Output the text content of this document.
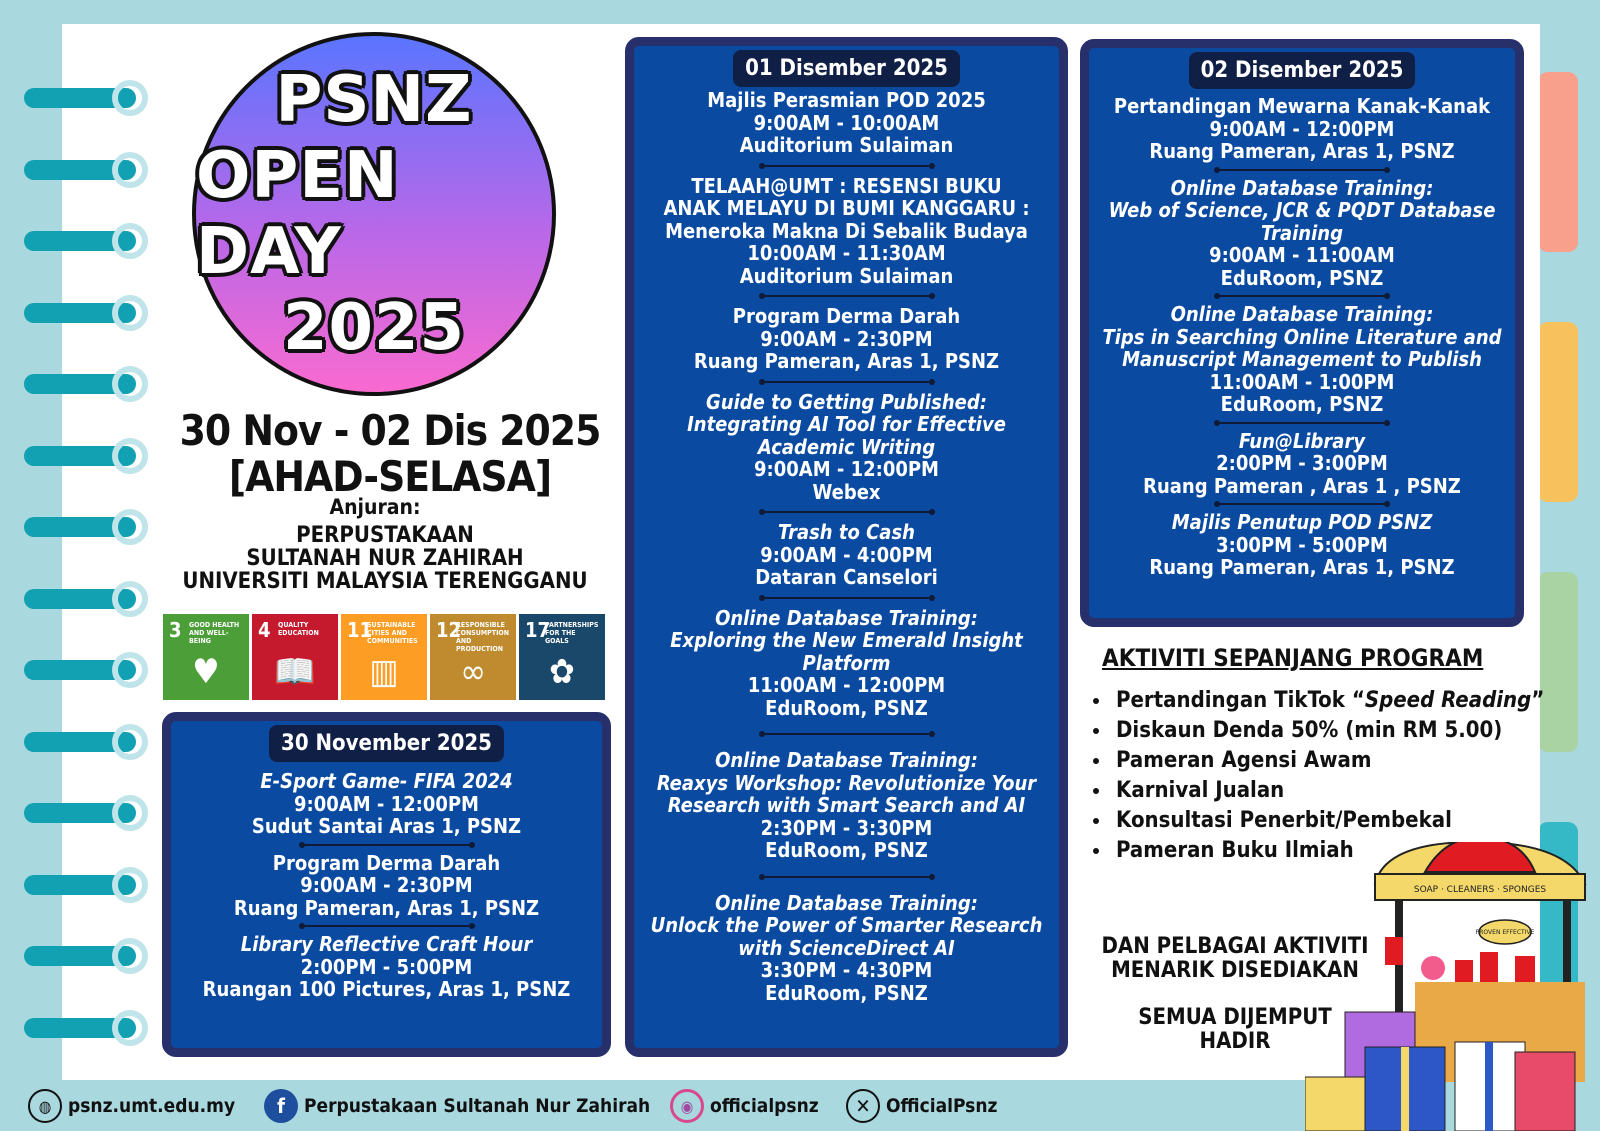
PSNZ
OPEN DAY
2025
30 Nov - 02 Dis 2025
[AHAD-SELASA]
Anjuran:
PERPUSTAKAAN
SULTANAH NUR ZAHIRAH
UNIVERSITI MALAYSIA TERENGGANU
3 GOOD HEALTH AND WELL-BEING
♥
4 QUALITY EDUCATION
📖
11
SUSTAINABLE CITIES AND COMMUNITIES
▥
12
RESPONSIBLE CONSUMPTION AND PRODUCTION
∞
17
PARTNERSHIPS FOR THE GOALS
✿
30 November 2025
E-Sport Game- FIFA 2024
9:00AM - 12:00PM
Sudut Santai Aras 1, PSNZ
Program Derma Darah
9:00AM - 2:30PM
Ruang Pameran, Aras 1, PSNZ
Library Reflective Craft Hour
2:00PM - 5:00PM
Ruangan 100 Pictures, Aras 1, PSNZ
01 Disember 2025
Majlis Perasmian POD 2025
9:00AM - 10:00AM
Auditorium Sulaiman
TELAAH@UMT : RESENSI BUKU
ANAK MELAYU DI BUMI KANGGARU :
Meneroka Makna Di Sebalik Budaya
10:00AM - 11:30AM
Auditorium Sulaiman
Program Derma Darah
9:00AM - 2:30PM
Ruang Pameran, Aras 1, PSNZ
Guide to Getting Published:
Integrating AI Tool for Effective
Academic Writing
9:00AM - 12:00PM
Webex
Trash to Cash
9:00AM - 4:00PM
Dataran Canselori
Online Database Training:
Exploring the New Emerald Insight
Platform
11:00AM - 12:00PM
EduRoom, PSNZ
Online Database Training:
Reaxys Workshop: Revolutionize Your
Research with Smart Search and AI
2:30PM - 3:30PM
EduRoom, PSNZ
Online Database Training:
Unlock the Power of Smarter Research
with ScienceDirect AI
3:30PM - 4:30PM
EduRoom, PSNZ
02 Disember 2025
Pertandingan Mewarna Kanak-Kanak
9:00AM - 12:00PM
Ruang Pameran, Aras 1, PSNZ
Online Database Training:
Web of Science, JCR & PQDT Database
Training
9:00AM - 11:00AM
EduRoom, PSNZ
Online Database Training:
Tips in Searching Online Literature and
Manuscript Management to Publish
11:00AM - 1:00PM
EduRoom, PSNZ
Fun@Library
2:00PM - 3:00PM
Ruang Pameran , Aras 1 , PSNZ
Majlis Penutup POD PSNZ
3:00PM - 5:00PM
Ruang Pameran, Aras 1, PSNZ
AKTIVITI SEPANJANG PROGRAM
• Pertandingan TikTok “Speed Reading”
• Diskaun Denda 50% (min RM 5.00)
• Pameran Agensi Awam
• Karnival Jualan
• Konsultasi Penerbit/Pembekal
• Pameran Buku Ilmiah
DAN PELBAGAI AKTIVITI MENARIK DISEDIAKAN
SEMUA DIJEMPUT HADIR
SOAP · CLEANERS · SPONGES
PROVEN EFFECTIVE
◍ psnz.umt.edu.my	f	Perpustakaan Sultanah Nur Zahirah	◉ officialpsnz	✕ OfficialPsnz
